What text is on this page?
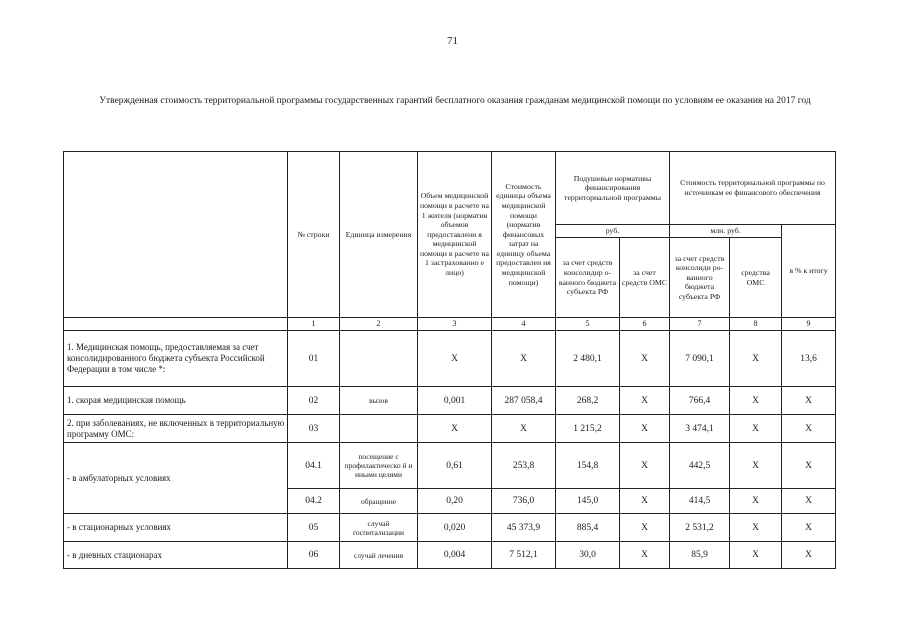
71
Утвержденная стоимость территориальной программы государственных гарантий бесплатного оказания гражданам медицинской помощи по условиям ее оказания на 2017 год
	№ строки	Единица измерения	Объем медицинской помощи в расчете на 1 жителя (норматив объемов предоставлени я медицинской помощи в расчете на 1 застрахованно е лицо)	Стоимость единицы объема медицинской помощи (норматив финансовых затрат на единицу объема предоставлен ия медицинской помощи)	Подушевые нормативы финансирования территориальной программы		Стоимость территориальной программы по источникам ее финансового обеспечения		
					руб.		млн. руб.		в % к итогу
					за счет средств консолидир о-ванного бюджета субъекта РФ	за счет средств ОМС	за счет средств консолиди ро-ванного бюджета субъекта РФ	средства ОМС	
	1	2	3	4	5	6	7	8	9
1. Медицинская помощь, предоставляемая за счет консолидированного бюджета субъекта Российской Федерации в том числе *:	01		X	X	2 480,1	X	7 090,1	X	13,6
1. скорая медицинская помощь	02	вызов	0,001	287 058,4	268,2	X	766,4	X	X
2. при заболеваниях, не включенных в территориальную программу ОМС:	03		X	X	1 215,2	X	3 474,1	X	X
- в амбулаторных условиях	04.1	посещение с профилактическо й и иными целями	0,61	253,8	154,8	X	442,5	X	X
	04.2	обращение	0,20	736,0	145,0	X	414,5	X	X
- в стационарных условиях	05	случай госпитализации	0,020	45 373,9	885,4	X	2 531,2	X	X
- в дневных стационарах	06	случай лечения	0,004	7 512,1	30,0	X	85,9	X	X
